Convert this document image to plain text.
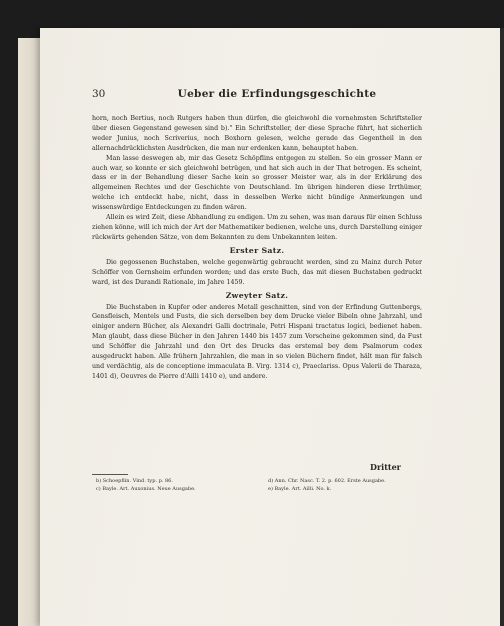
30	Ueber die Erfindungsgeschichte

horn, noch Bertius, noch Rutgers haben thun dürfen, die gleichwohl die vornehmsten Schriftsteller über diesen Gegenstand gewesen sind b)." Ein Schriftsteller, der diese Sprache führt, hat sicherlich weder Junius, noch Scriverius, noch Boxhorn gelesen, welche gerade das Gegentheil in den allernachdrücklichsten Ausdrücken, die man nur erdenken kann, behauptet haben.

Man lasse deswegen ab, mir das Gesetz Schöpflins entgegen zu stellen. So ein grosser Mann er auch war, so konnte er sich gleichwohl betrügen, und hat sich auch in der That betrogen. Es scheint, dass er in der Behandlung dieser Sache kein so grosser Meister war, als in der Erklärung des allgemeinen Rechtes und der Geschichte von Deutschland. Im übrigen hinderen diese Irrthümer, welche ich entdeckt habe, nicht, dass in desselben Werke nicht bündige Anmerkungen und wissenswürdige Entdeckungen zu finden wären.

Allein es wird Zeit, diese Abhandlung zu endigen. Um zu sehen, was man daraus für einen Schluss ziehen könne, will ich mich der Art der Mathematiker bedienen, welche uns, durch Darstellung einiger rückwärts gehenden Sätze, von dem Bekannten zu dem Unbekannten leiten.

Erster Satz.

Die gegossenen Buchstaben, welche gegenwärtig gebraucht werden, sind zu Mainz durch Peter Schöffer von Gernsheim erfunden worden; und das erste Buch, das mit diesen Buchstaben gedruckt ward, ist des Durandi Rationale, im Jahre 1459.

Zweyter Satz.

Die Buchstaben in Kupfer oder anderes Metall geschnitten, sind von der Erfindung Guttenbergs, Gensfleisch, Mentels und Fusts, die sich derselben bey dem Drucke vieler Bibeln ohne Jahrzahl, und einiger andern Bücher, als Alexandri Galli doctrinale, Petri Hispani tractatus logici, bedienet haben. Man glaubt, dass diese Bücher in den Jahren 1440 bis 1457 zum Vorscheine gekommen sind, da Fust und Schöffer die Jahrzahl und den Ort des Drucks das erstemal bey dem Psalmorum codex ausgedruckt haben. Alle frühern Jahrzahlen, die man in so vielen Büchern findet, hält man für falsch und verdächtig, als de conceptione immaculata B. Virg. 1314 c), Praeclariss. Opus Valerii de Tharaza, 1401 d), Oeuvres de Pierre d'Ailli 1410 e), und andere.

Dritter
b) Schoepflin. Vind. typ. p. 86.
c) Bayle. Art. Auxonius. Neue Ausgabe.
d) Ann. Chr. Nasc. T. 2. p. 602. Erste Ausgabe.
e) Bayle. Art. Ailli. No. k.
